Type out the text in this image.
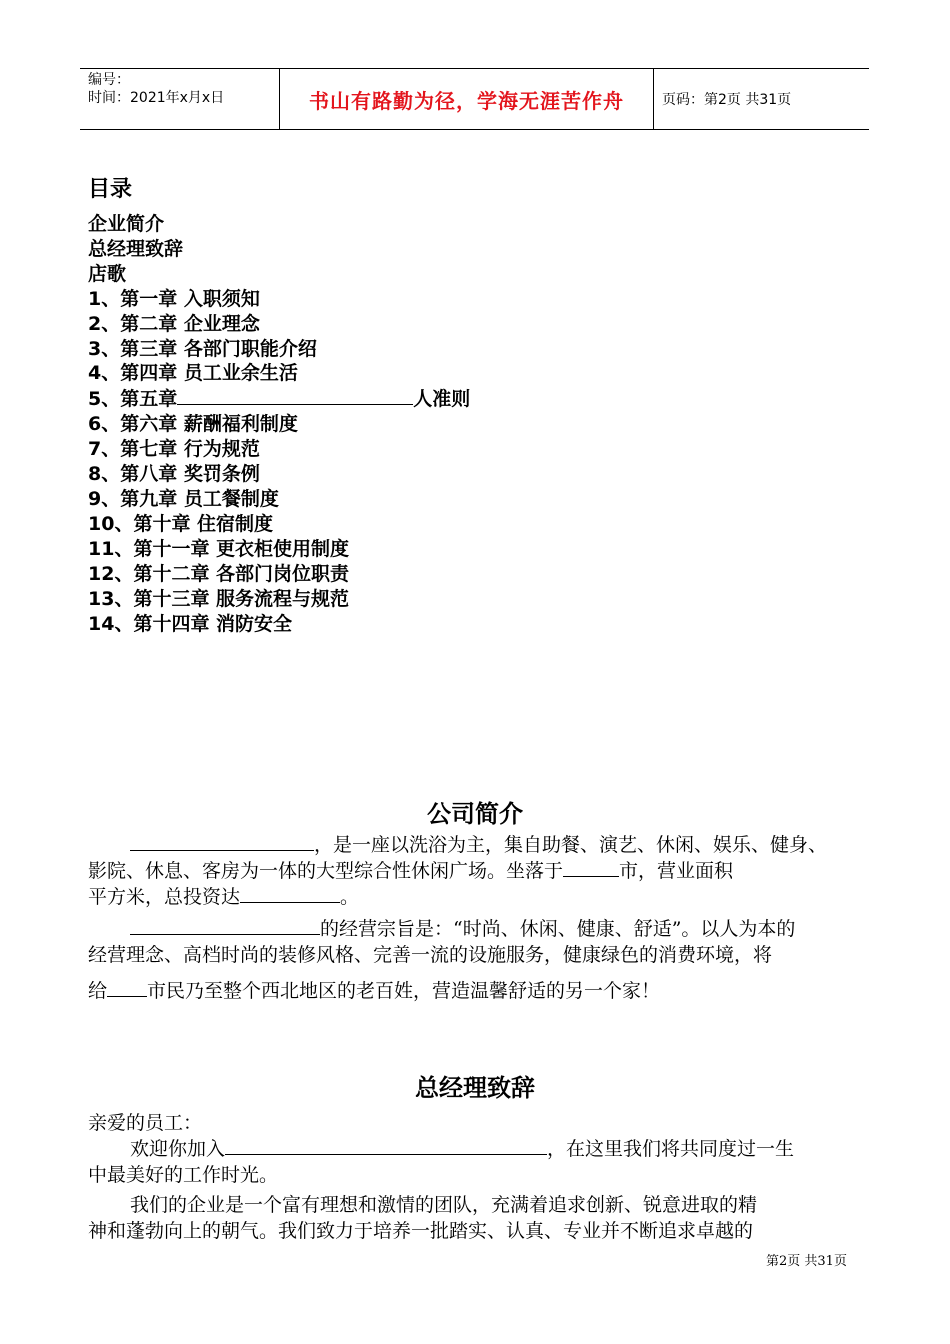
编号：
时间：2021年x月x日	书山有路勤为径，学海无涯苦作舟	页码：第2页 共31页
目录
企业简介
总经理致辞
店歌
1、第一章 入职须知
2、第二章 企业理念
3、第三章 各部门职能介绍
4、第四章 员工业余生活
5、第五章	人准则
6、第六章 薪酬福利制度
7、第七章 行为规范
8、第八章 奖罚条例
9、第九章 员工餐制度
10、第十章 住宿制度
11、第十一章 更衣柜使用制度
12、第十二章 各部门岗位职责
13、第十三章 服务流程与规范
14、第十四章 消防安全
公司简介
，是一座以洗浴为主，集自助餐、演艺、休闲、娱乐、健身、
影院、休息、客房为一体的大型综合性休闲广场。坐落于	市，营业面积
平方米，总投资达	。
的经营宗旨是：“时尚、休闲、健康、舒适”。以人为本的
经营理念、高档时尚的装修风格、完善一流的设施服务，健康绿色的消费环境，将
给 市民乃至整个西北地区的老百姓，营造温馨舒适的另一个家！
总经理致辞
亲爱的员工：
欢迎你加入	，在这里我们将共同度过一生
中最美好的工作时光。
我们的企业是一个富有理想和激情的团队，充满着追求创新、锐意进取的精
神和蓬勃向上的朝气。我们致力于培养一批踏实、认真、专业并不断追求卓越的
第2页 共31页
